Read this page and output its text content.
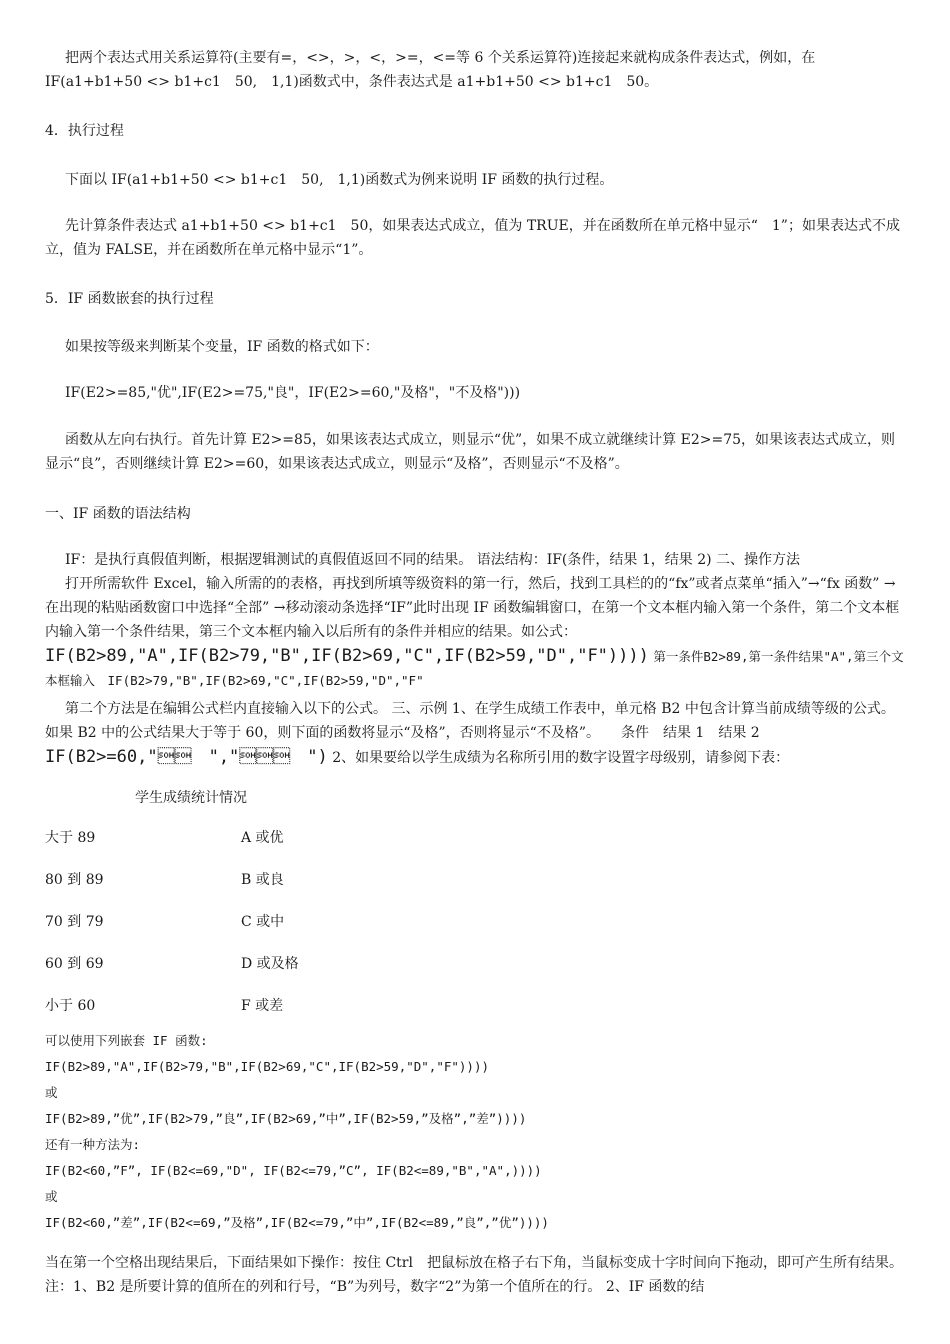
把两个表达式用关系运算符(主要有=，<>，>，<，>=，<=等 6 个关系运算符)连接起来就构成条件表达式，例如，在 IF(a1+b1+50 <> b1+c1　50,　1,1)函数式中，条件表达式是 a1+b1+50 <> b1+c1　50。

4．执行过程

下面以 IF(a1+b1+50 <> b1+c1　50,　1,1)函数式为例来说明 IF 函数的执行过程。

先计算条件表达式 a1+b1+50 <> b1+c1　50，如果表达式成立，值为 TRUE，并在函数所在单元格中显示“　1”；如果表达式不成立，值为 FALSE，并在函数所在单元格中显示“1”。

5．IF 函数嵌套的执行过程

如果按等级来判断某个变量，IF 函数的格式如下：

IF(E2>=85,"优",IF(E2>=75,"良"，IF(E2>=60,"及格"，"不及格")))

函数从左向右执行。首先计算 E2>=85，如果该表达式成立，则显示“优”，如果不成立就继续计算 E2>=75，如果该表达式成立，则显示“良”，否则继续计算 E2>=60，如果该表达式成立，则显示“及格”，否则显示“不及格”。

一、IF 函数的语法结构

IF：是执行真假值判断，根据逻辑测试的真假值返回不同的结果。 语法结构：IF(条件，结果 1，结果 2) 二、操作方法

打开所需软件 Excel，输入所需的的表格，再找到所填等级资料的第一行，然后，找到工具栏的的“fx”或者点菜单“插入”→“fx 函数” →在出现的粘贴函数窗口中选择“全部” →移动滚动条选择“IF”此时出现 IF 函数编辑窗口，在第一个文本框内输入第一个条件，第二个文本框内输入第一个条件结果，第三个文本框内输入以后所有的条件并相应的结果。如公式：IF(B2>89,"A",IF(B2>79,"B",IF(B2>69,"C",IF(B2>59,"D","F")))) 第一条件B2>89,第一条件结果"A",第三个文本框输入　IF(B2>79,"B",IF(B2>69,"C",IF(B2>59,"D","F"

第二个方法是在编辑公式栏内直接输入以下的公式。 三、示例 1、在学生成绩工作表中，单元格 B2 中包含计算当前成绩等级的公式。如果 B2 中的公式结果大于等于 60，则下面的函数将显示“及格”，否则将显示“不及格”。　　条件　结果 1　结果 2 IF(B2>=60,"　","　") 2、如果要给以学生成绩为名称所引用的数字设置字母级别，请参阅下表：

学生成绩统计情况
大于 89	A 或优
80 到 89	B 或良
70 到 79	C 或中
60 到 69	D 或及格
小于 60	F 或差
可以使用下列嵌套 IF 函数:
IF(B2>89,"A",IF(B2>79,"B",IF(B2>69,"C",IF(B2>59,"D","F"))))
或
IF(B2>89,”优”,IF(B2>79,”良”,IF(B2>69,”中”,IF(B2>59,”及格”,”差”))))
还有一种方法为:
IF(B2<60,”F”, IF(B2<=69,"D", IF(B2<=79,”C”, IF(B2<=89,"B","A",))))
或
IF(B2<60,”差”,IF(B2<=69,”及格”,IF(B2<=79,”中”,IF(B2<=89,”良”,”优”))))

当在第一个空格出现结果后，下面结果如下操作：按住 Ctrl　把鼠标放在格子右下角，当鼠标变成十字时间向下拖动，即可产生所有结果。 注：1、B2 是所要计算的值所在的列和行号，“B”为列号，数字“2”为第一个值所在的行。 2、IF 函数的结
